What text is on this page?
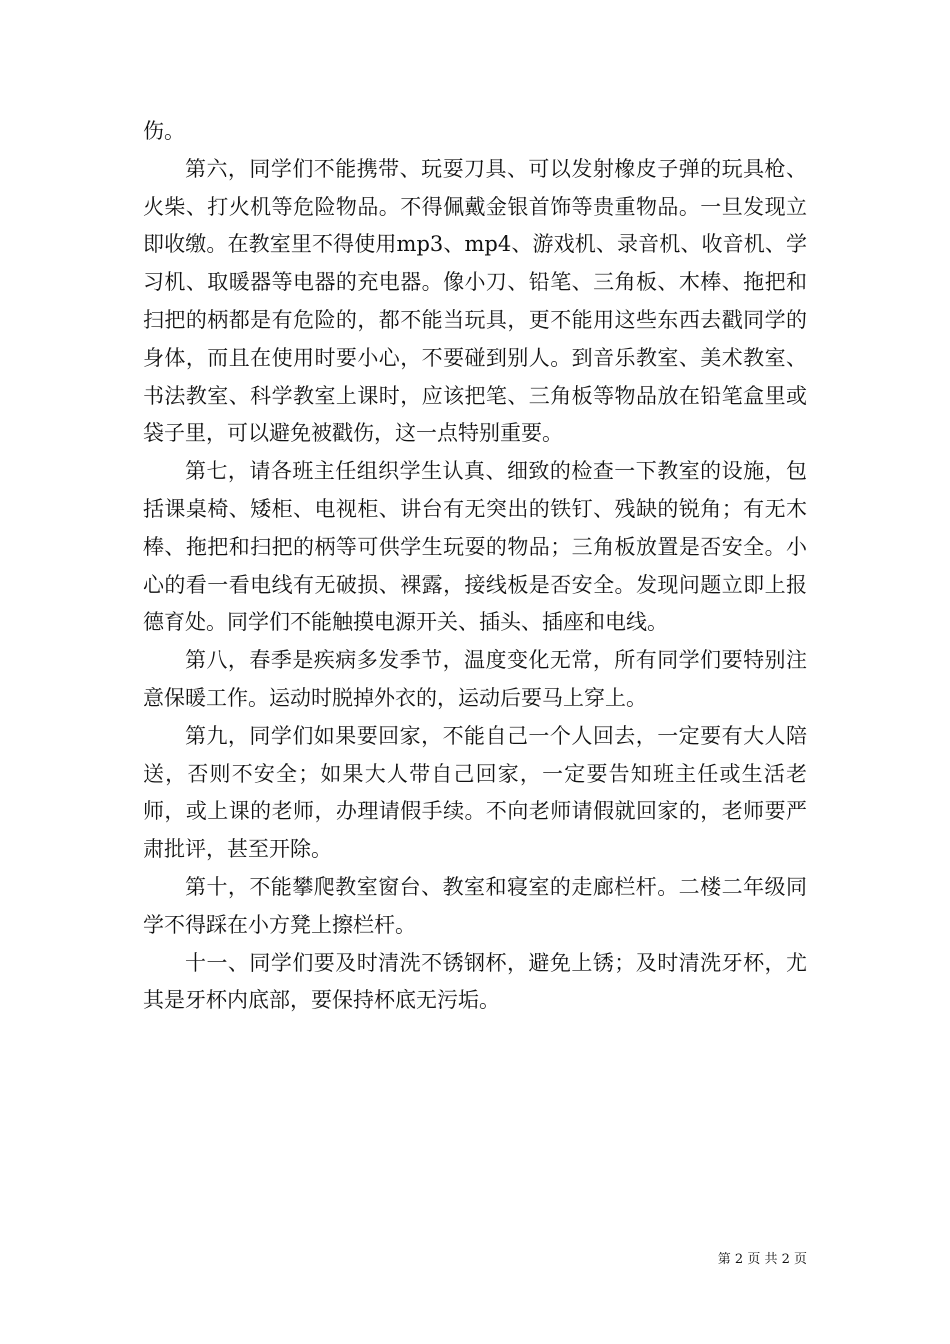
伤。

第六，同学们不能携带、玩耍刀具、可以发射橡皮子弹的玩具枪、火柴、打火机等危险物品。不得佩戴金银首饰等贵重物品。一旦发现立即收缴。在教室里不得使用mp3、mp4、游戏机、录音机、收音机、学习机、取暖器等电器的充电器。像小刀、铅笔、三角板、木棒、拖把和扫把的柄都是有危险的，都不能当玩具，更不能用这些东西去戳同学的身体，而且在使用时要小心，不要碰到别人。到音乐教室、美术教室、书法教室、科学教室上课时，应该把笔、三角板等物品放在铅笔盒里或袋子里，可以避免被戳伤，这一点特别重要。

第七，请各班主任组织学生认真、细致的检查一下教室的设施，包括课桌椅、矮柜、电视柜、讲台有无突出的铁钉、残缺的锐角；有无木棒、拖把和扫把的柄等可供学生玩耍的物品；三角板放置是否安全。小心的看一看电线有无破损、裸露，接线板是否安全。发现问题立即上报德育处。同学们不能触摸电源开关、插头、插座和电线。

第八，春季是疾病多发季节，温度变化无常，所有同学们要特别注意保暖工作。运动时脱掉外衣的，运动后要马上穿上。

第九，同学们如果要回家，不能自己一个人回去，一定要有大人陪送，否则不安全；如果大人带自己回家，一定要告知班主任或生活老师，或上课的老师，办理请假手续。不向老师请假就回家的，老师要严肃批评，甚至开除。

第十，不能攀爬教室窗台、教室和寝室的走廊栏杆。二楼二年级同学不得踩在小方凳上擦栏杆。

十一、同学们要及时清洗不锈钢杯，避免上锈；及时清洗牙杯，尤其是牙杯内底部，要保持杯底无污垢。

第 2 页 共 2 页
